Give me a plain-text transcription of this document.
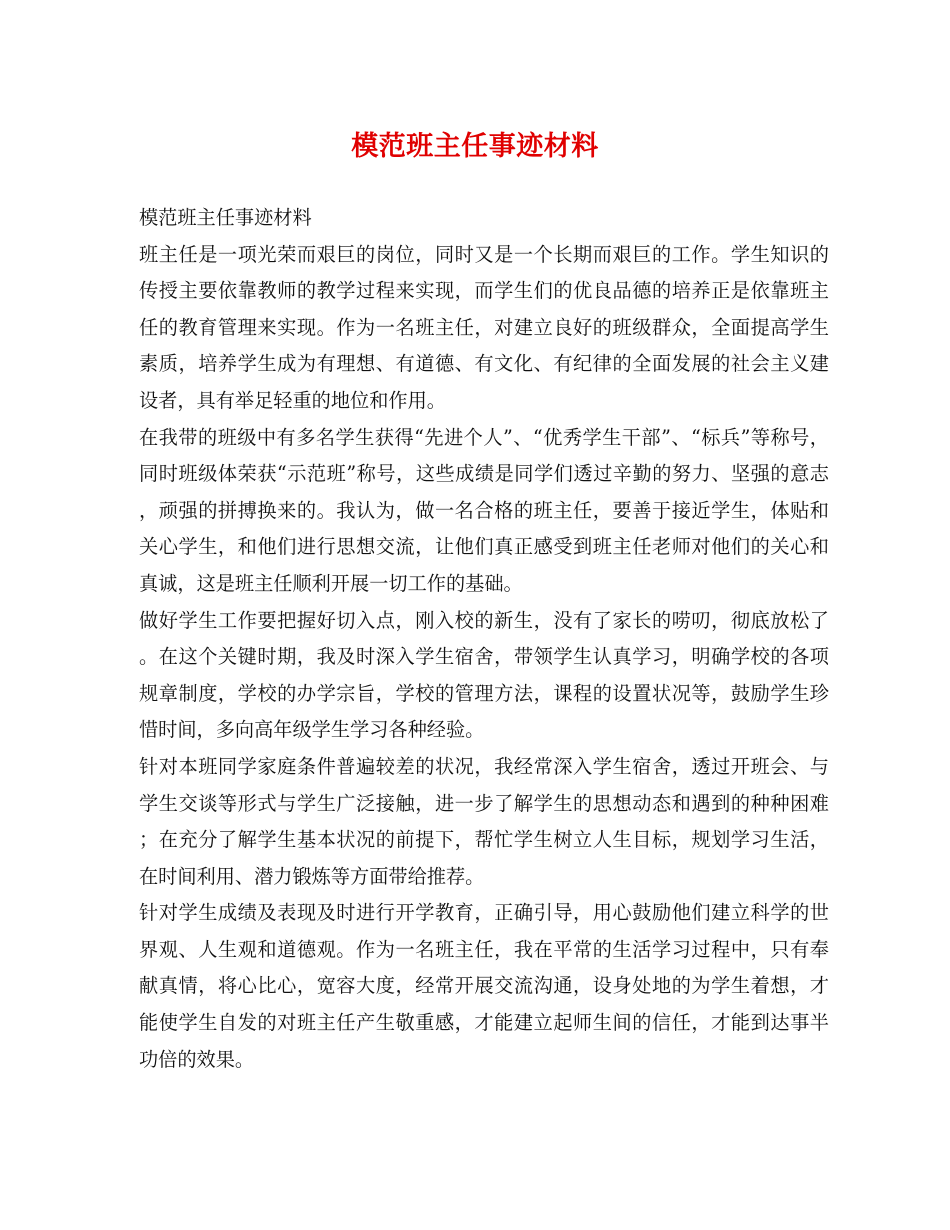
模范班主任事迹材料

模范班主任事迹材料

班主任是一项光荣而艰巨的岗位，同时又是一个长期而艰巨的工作。学生知识的传授主要依靠教师的教学过程来实现，而学生们的优良品德的培养正是依靠班主任的教育管理来实现。作为一名班主任，对建立良好的班级群众，全面提高学生素质，培养学生成为有理想、有道德、有文化、有纪律的全面发展的社会主义建设者，具有举足轻重的地位和作用。

在我带的班级中有多名学生获得“先进个人”、“优秀学生干部”、“标兵”等称号，同时班级体荣获“示范班”称号，这些成绩是同学们透过辛勤的努力、坚强的意志，顽强的拼搏换来的。我认为，做一名合格的班主任，要善于接近学生，体贴和关心学生，和他们进行思想交流，让他们真正感受到班主任老师对他们的关心和真诚，这是班主任顺利开展一切工作的基础。

做好学生工作要把握好切入点，刚入校的新生，没有了家长的唠叨，彻底放松了。在这个关键时期，我及时深入学生宿舍，带领学生认真学习，明确学校的各项规章制度，学校的办学宗旨，学校的管理方法，课程的设置状况等，鼓励学生珍惜时间，多向高年级学生学习各种经验。

针对本班同学家庭条件普遍较差的状况，我经常深入学生宿舍，透过开班会、与学生交谈等形式与学生广泛接触，进一步了解学生的思想动态和遇到的种种困难；在充分了解学生基本状况的前提下，帮忙学生树立人生目标，规划学习生活，在时间利用、潜力锻炼等方面带给推荐。

针对学生成绩及表现及时进行开学教育，正确引导，用心鼓励他们建立科学的世界观、人生观和道德观。作为一名班主任，我在平常的生活学习过程中，只有奉献真情，将心比心，宽容大度，经常开展交流沟通，设身处地的为学生着想，才能使学生自发的对班主任产生敬重感，才能建立起师生间的信任，才能到达事半功倍的效果。
